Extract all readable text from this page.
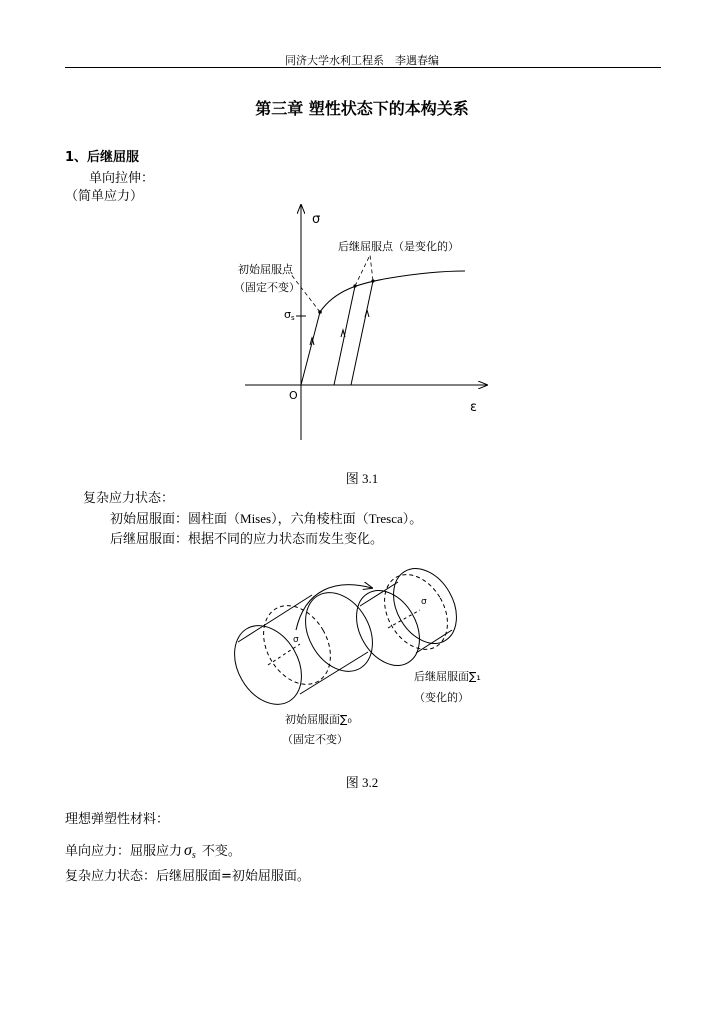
同济大学水利工程系　李遇春编
第三章 塑性状态下的本构关系
1、后继屈服
单向拉伸：
（简单应力）
σ
ε
O
σs
后继屈服点（是变化的）
初始屈服点
（固定不变）
图 3.1
复杂应力状态：
初始屈服面：圆柱面（Mises），六角棱柱面（Tresca）。
后继屈服面：根据不同的应力状态而发生变化。
σ
σ
后继屈服面∑₁
（变化的）
初始屈服面∑₀
（固定不变）
图 3.2
理想弹塑性材料：
单向应力：屈服应力 $\sigma_s$ 不变。
复杂应力状态：后继屈服面=初始屈服面。
